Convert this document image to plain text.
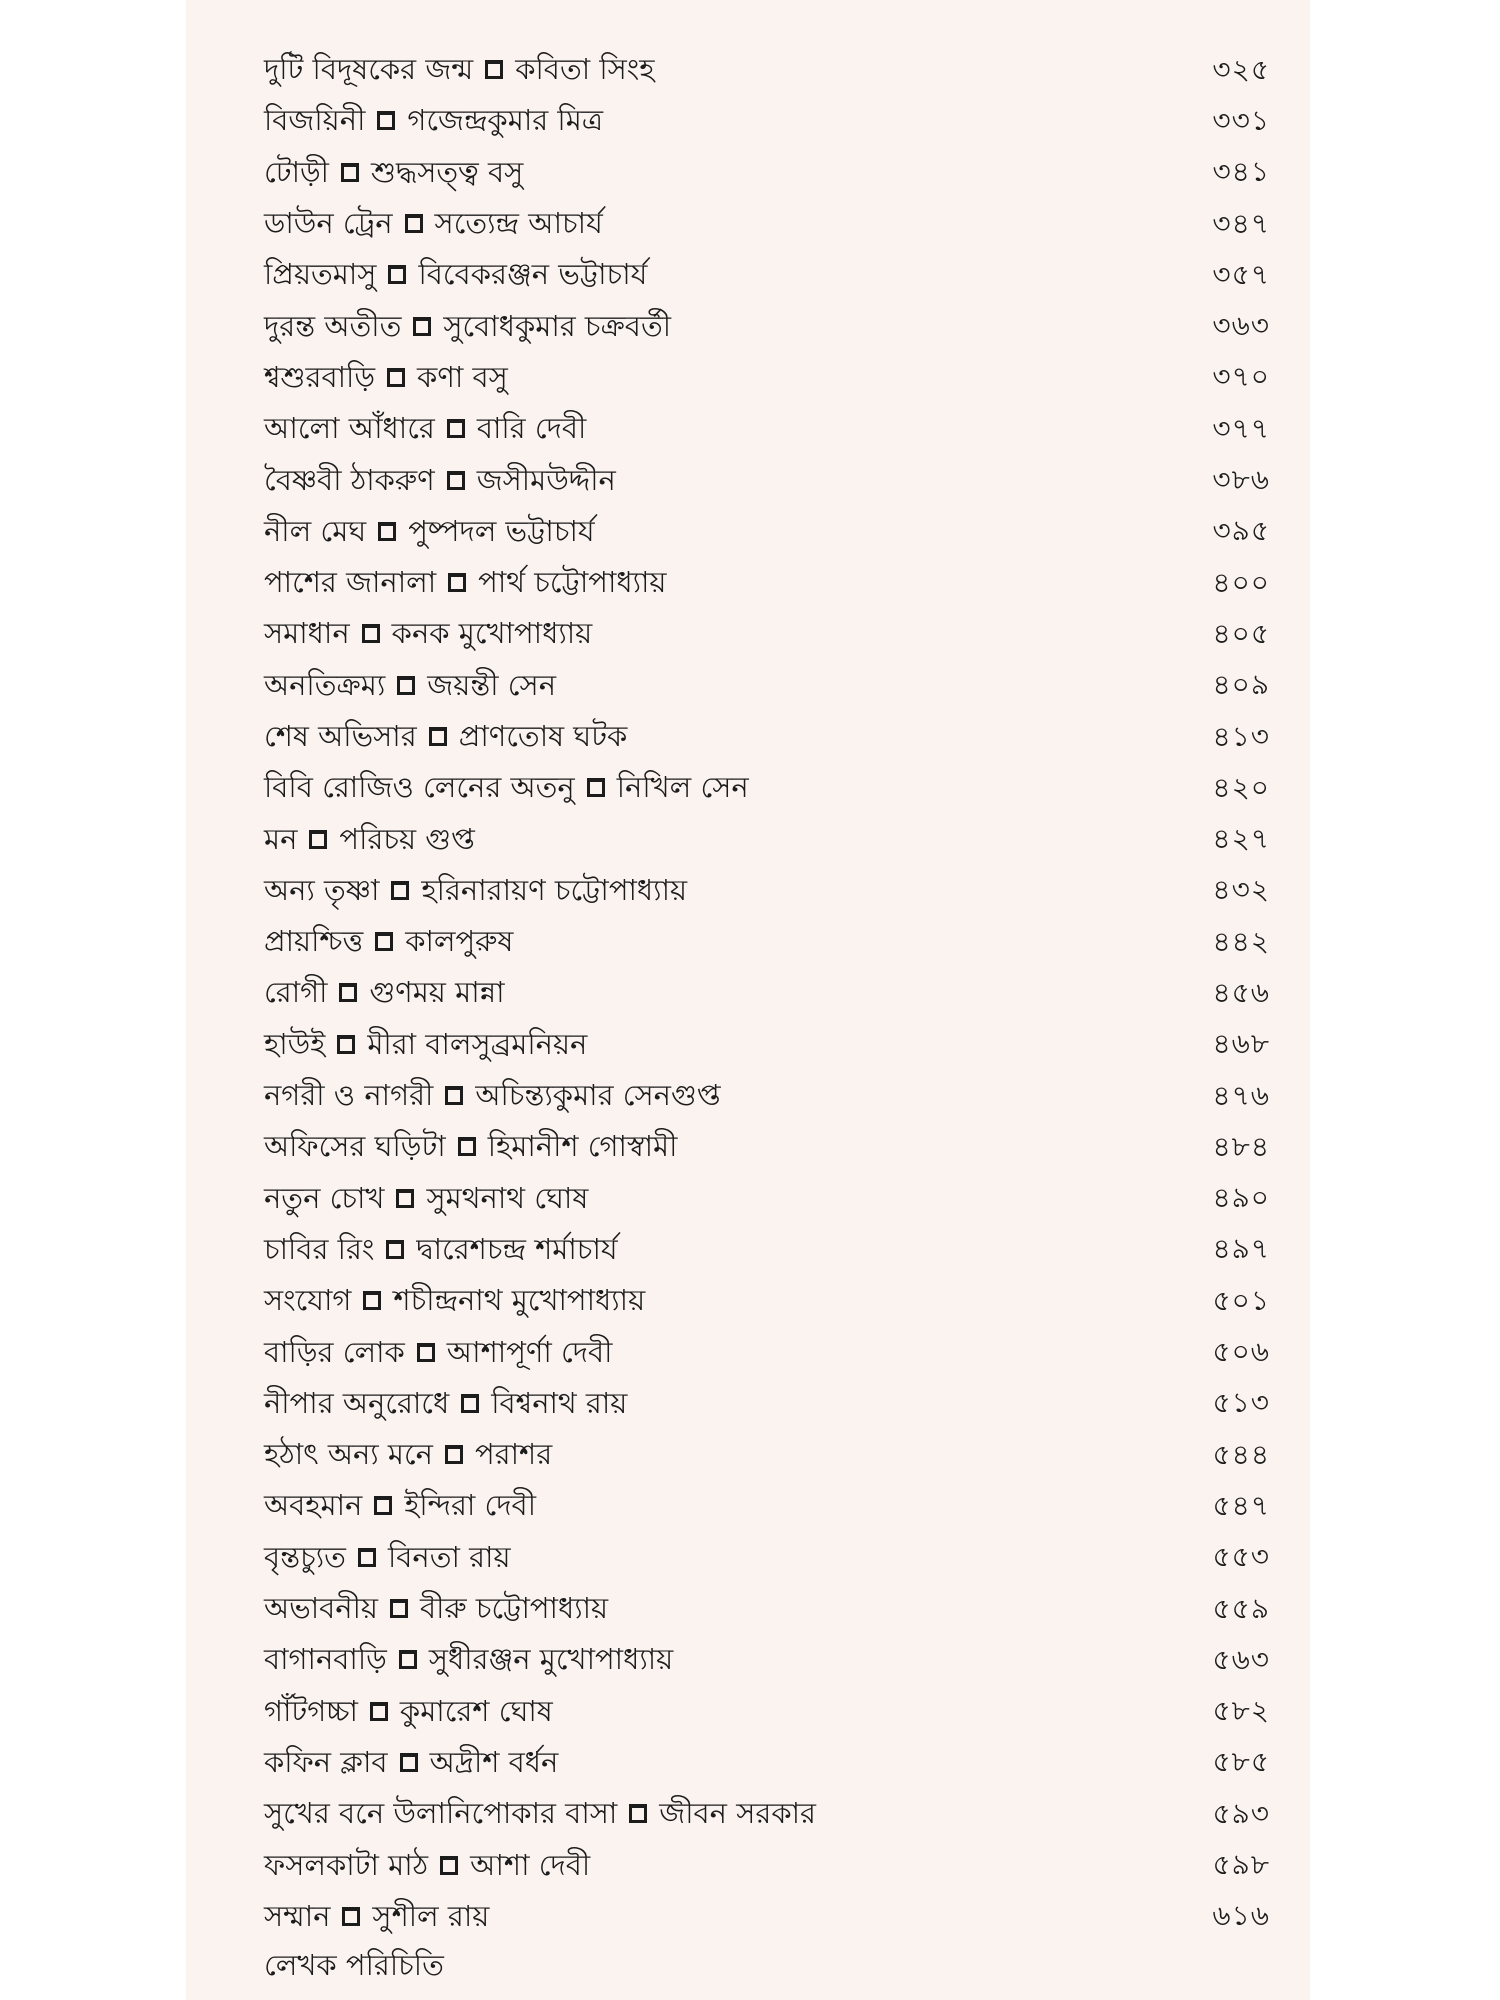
দুটি বিদূষকের জন্ম কবিতা সিংহ	৩২৫
বিজয়িনী গজেন্দ্রকুমার মিত্র	৩৩১
টোড়ী শুদ্ধসত্ত্ব বসু	৩৪১
ডাউন ট্রেন সত্যেন্দ্র আচার্য	৩৪৭
প্রিয়তমাসু বিবেকরঞ্জন ভট্টাচার্য	৩৫৭
দুরন্ত অতীত সুবোধকুমার চক্রবর্তী	৩৬৩
শ্বশুরবাড়ি কণা বসু	৩৭০
আলো আঁধারে বারি দেবী	৩৭৭
বৈষ্ণবী ঠাকরুণ জসীমউদ্দীন	৩৮৬
নীল মেঘ পুষ্পদল ভট্টাচার্য	৩৯৫
পাশের জানালা পার্থ চট্টোপাধ্যায়	৪০০
সমাধান কনক মুখোপাধ্যায়	৪০৫
অনতিক্রম্য জয়ন্তী সেন	৪০৯
শেষ অভিসার প্রাণতোষ ঘটক	৪১৩
বিবি রোজিও লেনের অতনু নিখিল সেন	৪২০
মন পরিচয় গুপ্ত	৪২৭
অন্য তৃষ্ণা হরিনারায়ণ চট্টোপাধ্যায়	৪৩২
প্রায়শ্চিত্ত কালপুরুষ	৪৪২
রোগী গুণময় মান্না	৪৫৬
হাউই মীরা বালসুব্রমনিয়ন	৪৬৮
নগরী ও নাগরী অচিন্ত্যকুমার সেনগুপ্ত	৪৭৬
অফিসের ঘড়িটা হিমানীশ গোস্বামী	৪৮৪
নতুন চোখ সুমথনাথ ঘোষ	৪৯০
চাবির রিং দ্বারেশচন্দ্র শর্মাচার্য	৪৯৭
সংযোগ শচীন্দ্রনাথ মুখোপাধ্যায়	৫০১
বাড়ির লোক আশাপূর্ণা দেবী	৫০৬
নীপার অনুরোধে বিশ্বনাথ রায়	৫১৩
হঠাৎ অন্য মনে পরাশর	৫৪৪
অবহমান ইন্দিরা দেবী	৫৪৭
বৃন্তচ্যুত বিনতা রায়	৫৫৩
অভাবনীয় বীরু চট্টোপাধ্যায়	৫৫৯
বাগানবাড়ি সুধীরঞ্জন মুখোপাধ্যায়	৫৬৩
গাঁটগচ্চা কুমারেশ ঘোষ	৫৮২
কফিন ক্লাব অদ্রীশ বর্ধন	৫৮৫
সুখের বনে উলানিপোকার বাসা জীবন সরকার	৫৯৩
ফসলকাটা মাঠ আশা দেবী	৫৯৮
সম্মান সুশীল রায়	৬১৬
লেখক পরিচিতি
